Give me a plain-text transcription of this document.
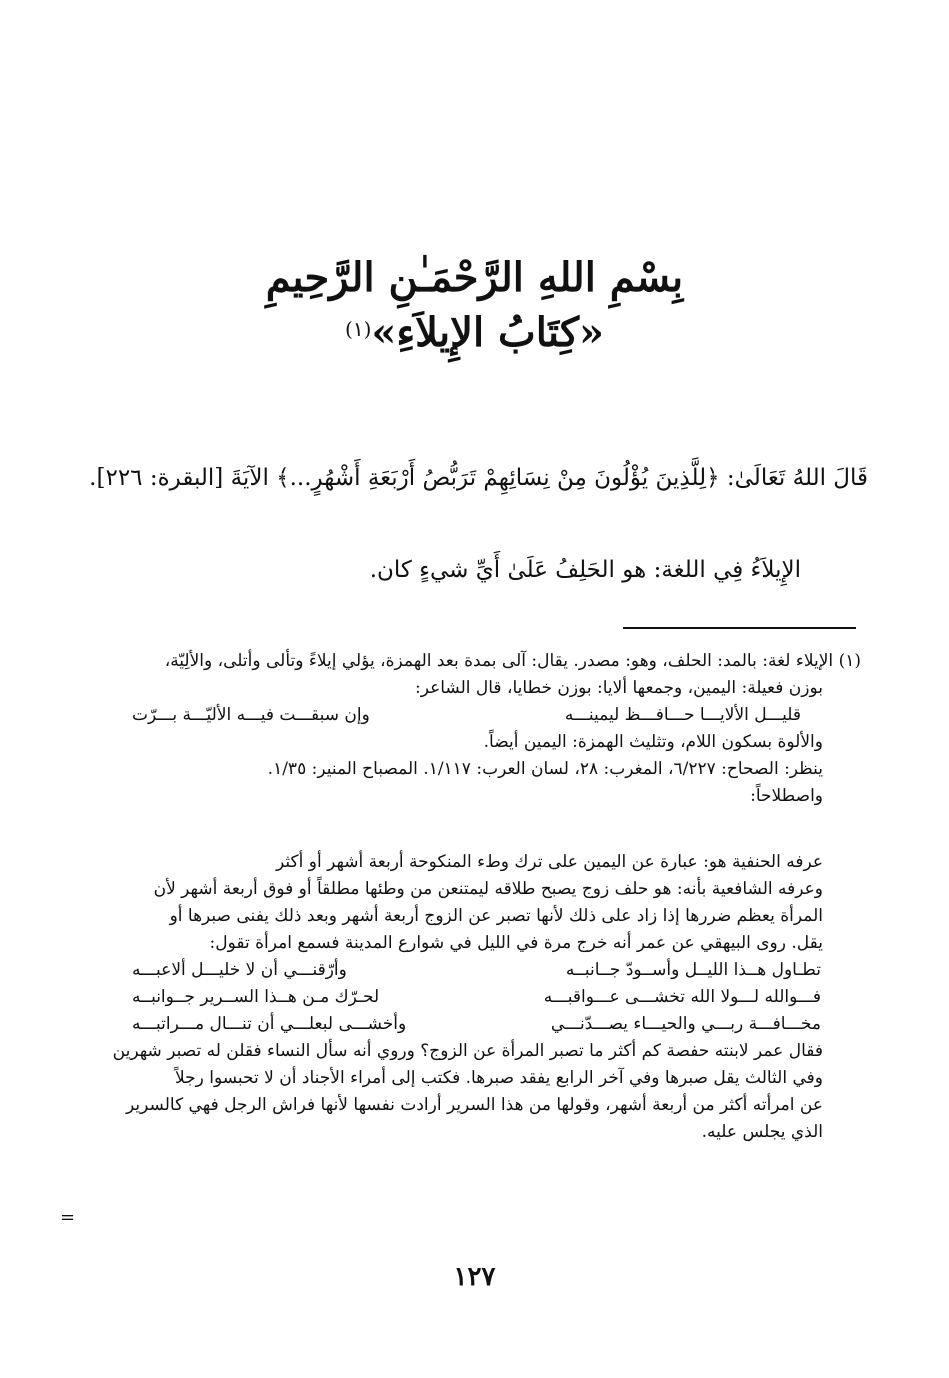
بِسْمِ اللهِ الرَّحْمَـٰنِ الرَّحِيمِ
«كِتَابُ الإِيلاَءِ»$^{(١)}$
قَالَ اللهُ تَعَالَىٰ: ﴿لِلَّذِينَ يُؤْلُونَ مِنْ نِسَائِهِمْ تَرَبُّصُ أَرْبَعَةِ أَشْهُرٍ...﴾ الآيَةَ [البقرة: ٢٢٦].
الإِيلاَءُ فِي اللغة: هو الحَلِفُ عَلَىٰ أَيِّ شيءٍ كان.
(١) الإيلاء لغة: بالمد: الحلف، وهو: مصدر. يقال: آلى بمدة بعد الهمزة، يؤلي إيلاءً وتألى وأتلى، والألِيّة،
بوزن فعيلة: اليمين، وجمعها ألايا: بوزن خطايا، قال الشاعر:
قليـــل الألايـــا حـــافـــظ ليمينـــه
وإن سبقـــت فيـــه الأليّـــة بـــرّت
والألوة بسكون اللام، وتثليث الهمزة: اليمين أيضاً.
ينظر: الصحاح: ٦/٢٢٧، المغرب: ٢٨، لسان العرب: ١/١١٧. المصباح المنير: ١/٣٥.
واصطلاحاً:
عرفه الحنفية هو: عبارة عن اليمين على ترك وطء المنكوحة أربعة أشهر أو أكثر
وعرفه الشافعية بأنه: هو حلف زوج يصبح طلاقه ليمتنعن من وطئها مطلقاً أو فوق أربعة أشهر لأن
المرأة يعظم ضررها إذا زاد على ذلك لأنها تصبر عن الزوج أربعة أشهر وبعد ذلك يفنى صبرها أو
يقل. روى البيهقي عن عمر أنه خرج مرة في الليل في شوارع المدينة فسمع امرأة تقول:
تطـاول هــذا الليــل وأســودّ جــانبــه
وأرّقنـــي أن لا خليـــل ألاعبـــه
فـــوالله لـــولا الله تخشـــى عـــواقبـــه
لحـرّك مـن هــذا الســرير جــوانبــه
مخـــافـــة ربـــي والحيـــاء يصـــدّنـــي
وأخشـــى لبعلـــي أن تنـــال مـــراتبـــه
فقال عمر لابنته حفصة كم أكثر ما تصبر المرأة عن الزوج؟ وروي أنه سأل النساء فقلن له تصبر شهرين
وفي الثالث يقل صبرها وفي آخر الرابع يفقد صبرها. فكتب إلى أمراء الأجناد أن لا تحبسوا رجلاً
عن امرأته أكثر من أربعة أشهر، وقولها من هذا السرير أرادت نفسها لأنها فراش الرجل فهي كالسرير
الذي يجلس عليه.
=
١٢٧
